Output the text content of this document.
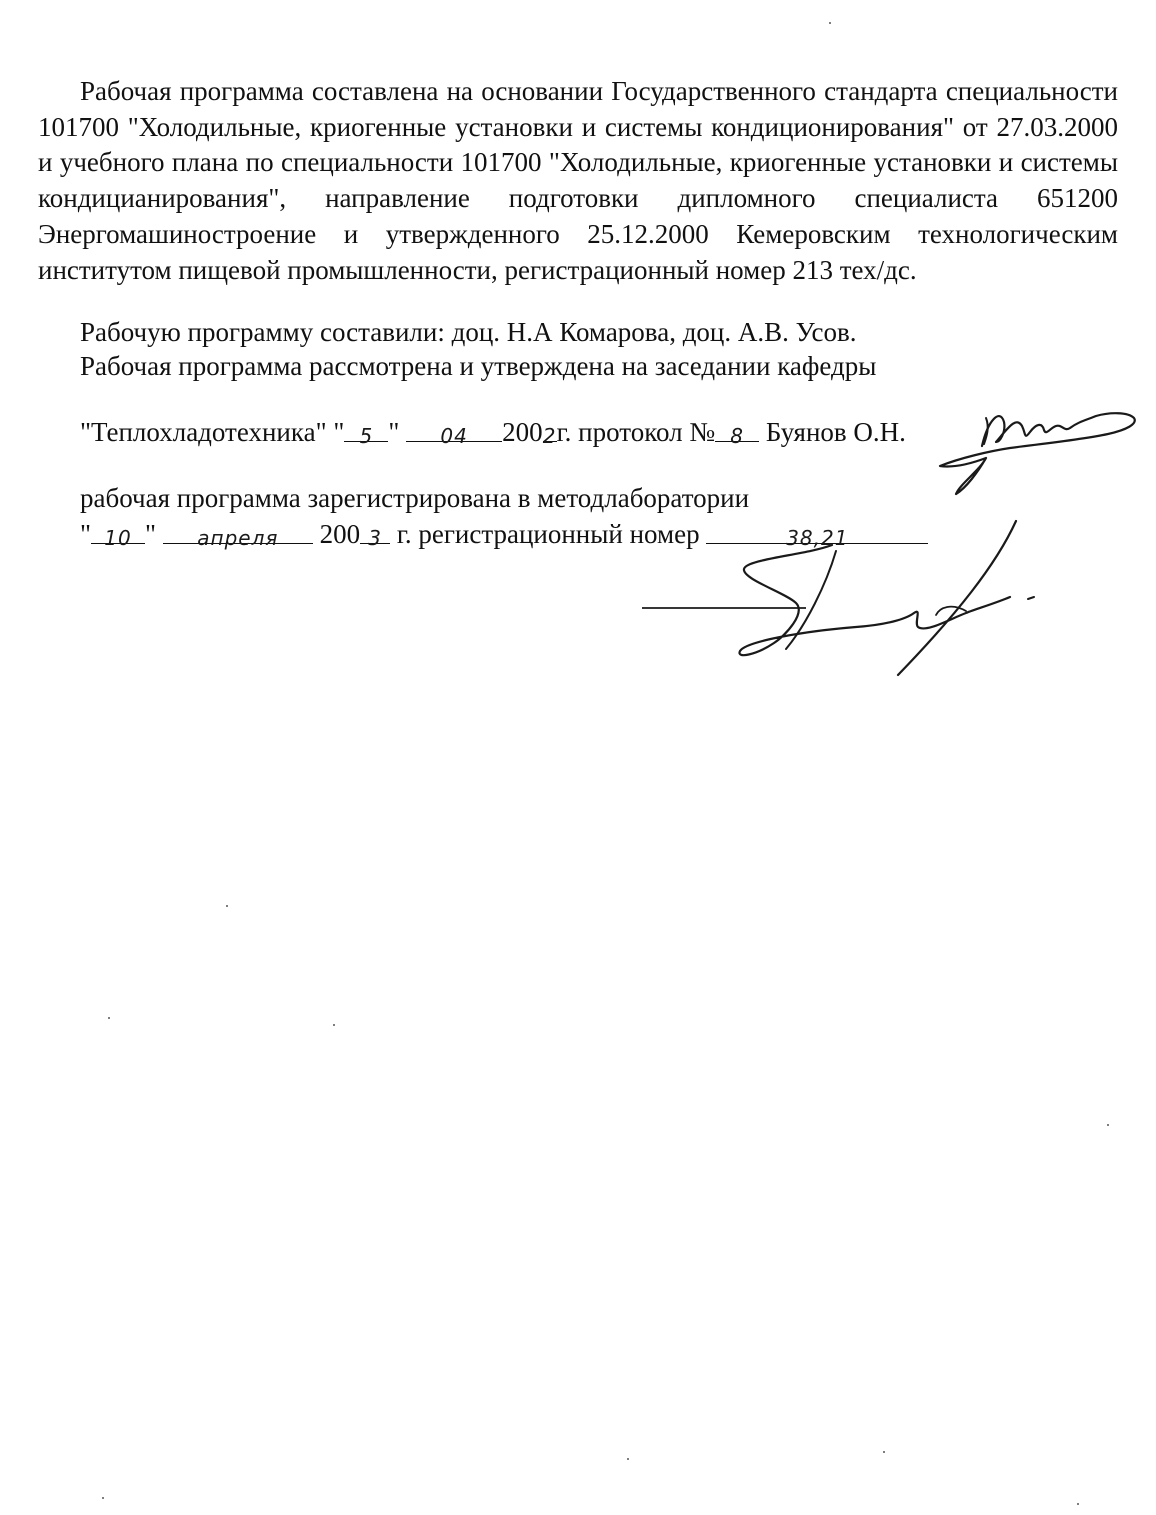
Рабочая программа составлена на основании Государственного стандарта специальности 101700 "Холодильные, криогенные установки и системы кондиционирования" от 27.03.2000 и учебного плана по специальности 101700 "Холодильные, криогенные установки и системы кондицианирования", направление подготовки дипломного специалиста 651200 Энергомашиностроение и утвержденного 25.12.2000 Кемеровским технологическим институтом пищевой промышленности, регистрационный номер 213 тех/дс.

Рабочую программу составили: доц. Н.А Комарова, доц. А.В. Усов.

Рабочая программа рассмотрена и утверждена на заседании кафедры

"Теплохладотехника" " 5 " 04 2002г. протокол № 8 Буянов О.Н.

рабочая программа зарегистрирована в методлаборатории

" 10 " апреля 200 3 г. регистрационный номер	38,21
